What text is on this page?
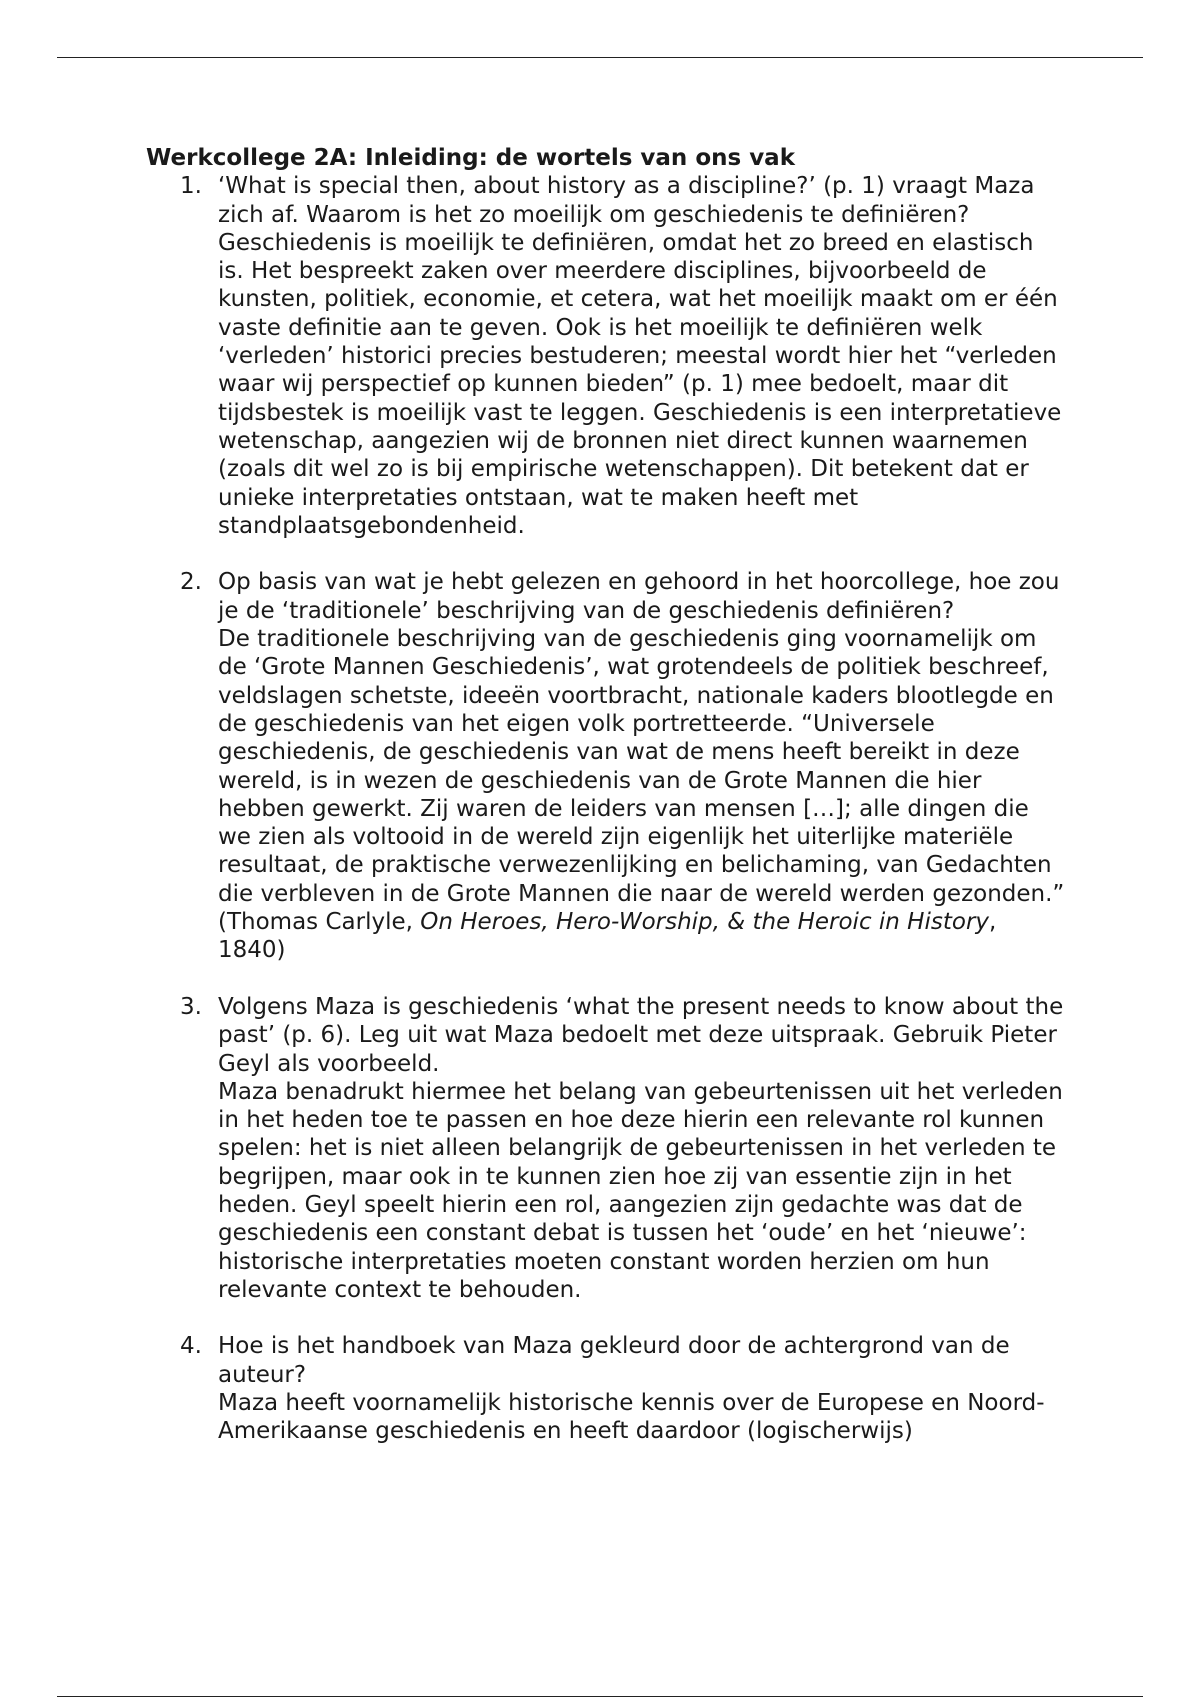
Werkcollege 2A: Inleiding: de wortels van ons vak
1. ‘What is special then, about history as a discipline?’ (p. 1) vraagt Maza zich af. Waarom is het zo moeilijk om geschiedenis te definiëren?
Geschiedenis is moeilijk te definiëren, omdat het zo breed en elastisch is. Het bespreekt zaken over meerdere disciplines, bijvoorbeeld de kunsten, politiek, economie, et cetera, wat het moeilijk maakt om er één vaste definitie aan te geven. Ook is het moeilijk te definiëren welk ‘verleden’ historici precies bestuderen; meestal wordt hier het “verleden waar wij perspectief op kunnen bieden” (p. 1) mee bedoelt, maar dit tijdsbestek is moeilijk vast te leggen. Geschiedenis is een interpretatieve wetenschap, aangezien wij de bronnen niet direct kunnen waarnemen (zoals dit wel zo is bij empirische wetenschappen). Dit betekent dat er unieke interpretaties ontstaan, wat te maken heeft met standplaatsgebondenheid.
2. Op basis van wat je hebt gelezen en gehoord in het hoorcollege, hoe zou je de ‘traditionele’ beschrijving van de geschiedenis definiëren?
De traditionele beschrijving van de geschiedenis ging voornamelijk om de ‘Grote Mannen Geschiedenis’, wat grotendeels de politiek beschreef, veldslagen schetste, ideeën voortbracht, nationale kaders blootlegde en de geschiedenis van het eigen volk portretteerde. “Universele geschiedenis, de geschiedenis van wat de mens heeft bereikt in deze wereld, is in wezen de geschiedenis van de Grote Mannen die hier hebben gewerkt. Zij waren de leiders van mensen […]; alle dingen die we zien als voltooid in de wereld zijn eigenlijk het uiterlijke materiële resultaat, de praktische verwezenlijking en belichaming, van Gedachten die verbleven in de Grote Mannen die naar de wereld werden gezonden.” (Thomas Carlyle, On Heroes, Hero-Worship, & the Heroic in History, 1840)
3. Volgens Maza is geschiedenis ‘what the present needs to know about the past’ (p. 6). Leg uit wat Maza bedoelt met deze uitspraak. Gebruik Pieter Geyl als voorbeeld.
Maza benadrukt hiermee het belang van gebeurtenissen uit het verleden in het heden toe te passen en hoe deze hierin een relevante rol kunnen spelen: het is niet alleen belangrijk de gebeurtenissen in het verleden te begrijpen, maar ook in te kunnen zien hoe zij van essentie zijn in het heden. Geyl speelt hierin een rol, aangezien zijn gedachte was dat de geschiedenis een constant debat is tussen het ‘oude’ en het ‘nieuwe’: historische interpretaties moeten constant worden herzien om hun relevante context te behouden.
4. Hoe is het handboek van Maza gekleurd door de achtergrond van de auteur?
Maza heeft voornamelijk historische kennis over de Europese en Noord-Amerikaanse geschiedenis en heeft daardoor (logischerwijs)
